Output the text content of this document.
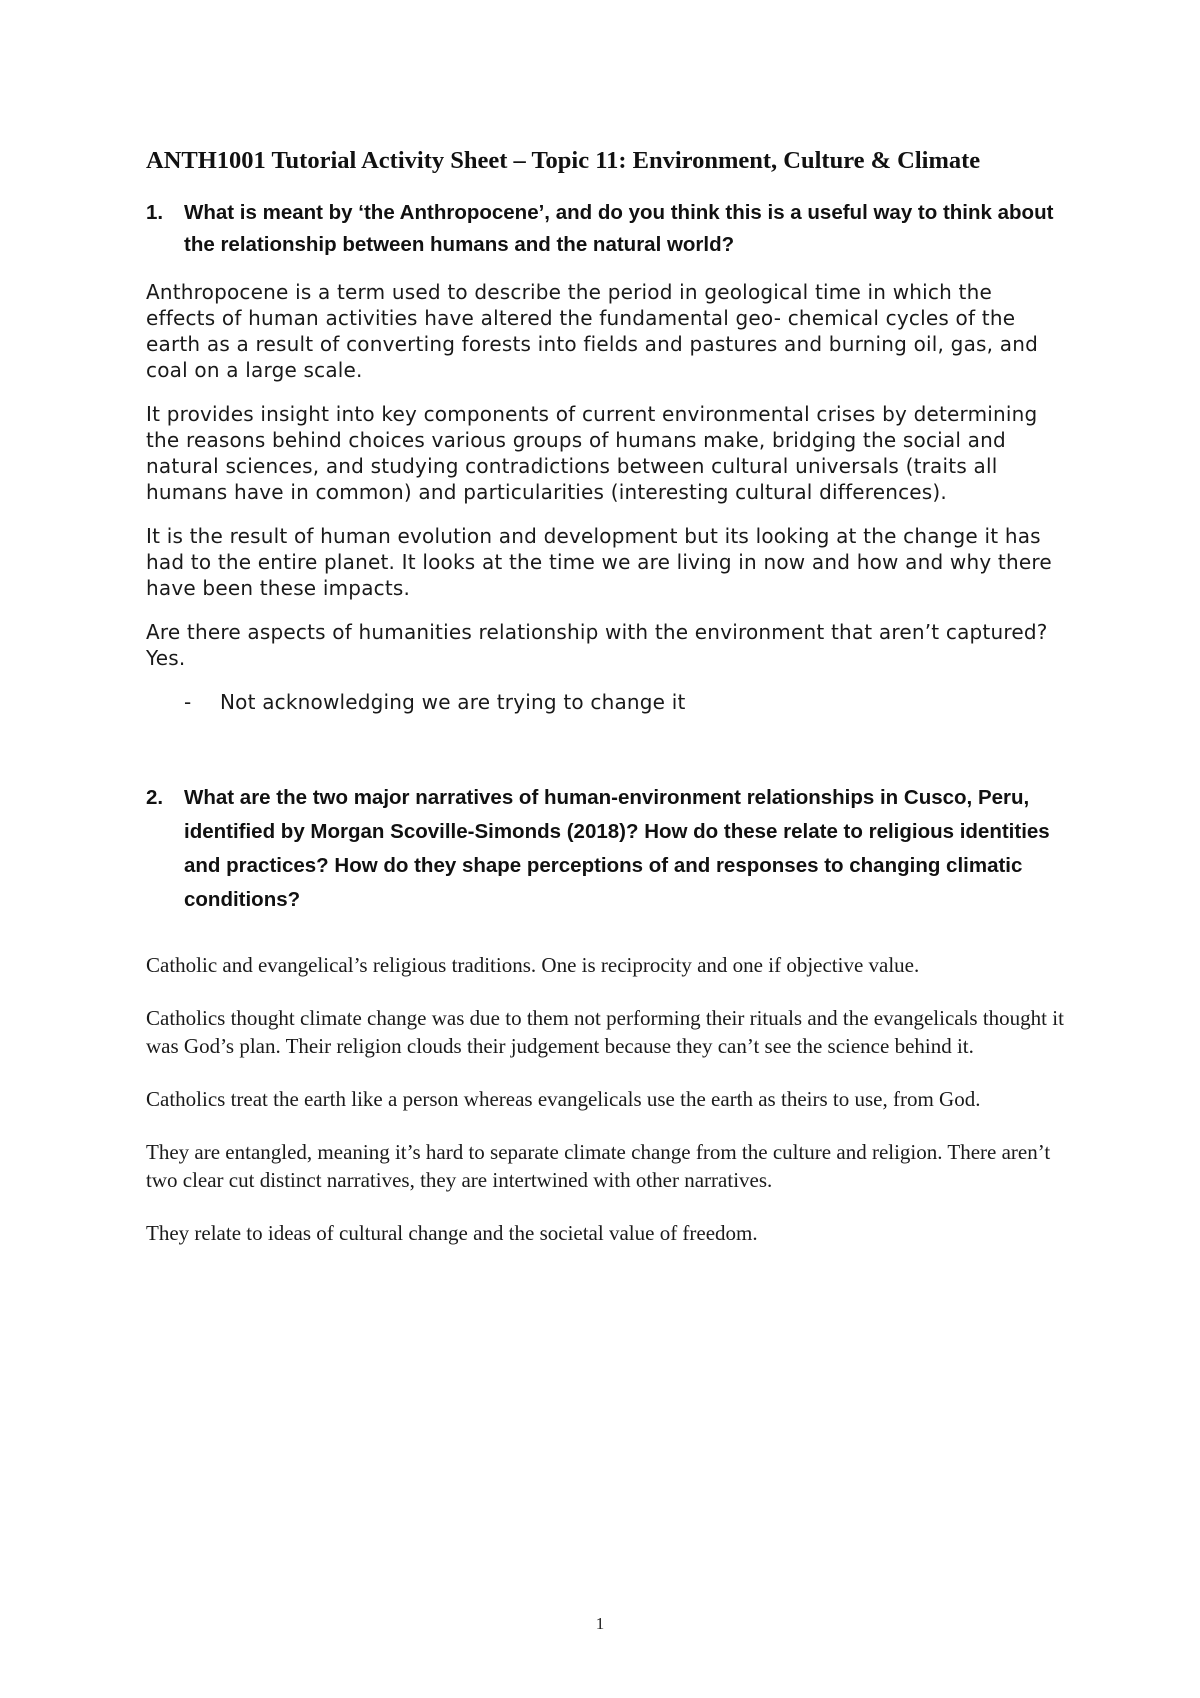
ANTH1001 Tutorial Activity Sheet – Topic 11: Environment, Culture & Climate
1.	What is meant by ‘the Anthropocene’, and do you think this is a useful way to think about the relationship between humans and the natural world?

Anthropocene is a term used to describe the period in geological time in which the effects of human activities have altered the fundamental geo- chemical cycles of the earth as a result of converting forests into fields and pastures and burning oil, gas, and coal on a large scale.

It provides insight into key components of current environmental crises by determining the reasons behind choices various groups of humans make, bridging the social and natural sciences, and studying contradictions between cultural universals (traits all humans have in common) and particularities (interesting cultural differences).

It is the result of human evolution and development but its looking at the change it has had to the entire planet. It looks at the time we are living in now and how and why there have been these impacts.

Are there aspects of humanities relationship with the environment that aren’t captured? Yes.

-	Not acknowledging we are trying to change it
2.	What are the two major narratives of human-environment relationships in Cusco, Peru, identified by Morgan Scoville-Simonds (2018)? How do these relate to religious identities and practices? How do they shape perceptions of and responses to changing climatic conditions?

Catholic and evangelical’s religious traditions. One is reciprocity and one if objective value.

Catholics thought climate change was due to them not performing their rituals and the evangelicals thought it was God’s plan. Their religion clouds their judgement because they can’t see the science behind it.

Catholics treat the earth like a person whereas evangelicals use the earth as theirs to use, from God.

They are entangled, meaning it’s hard to separate climate change from the culture and religion. There aren’t two clear cut distinct narratives, they are intertwined with other narratives.

They relate to ideas of cultural change and the societal value of freedom.

1
